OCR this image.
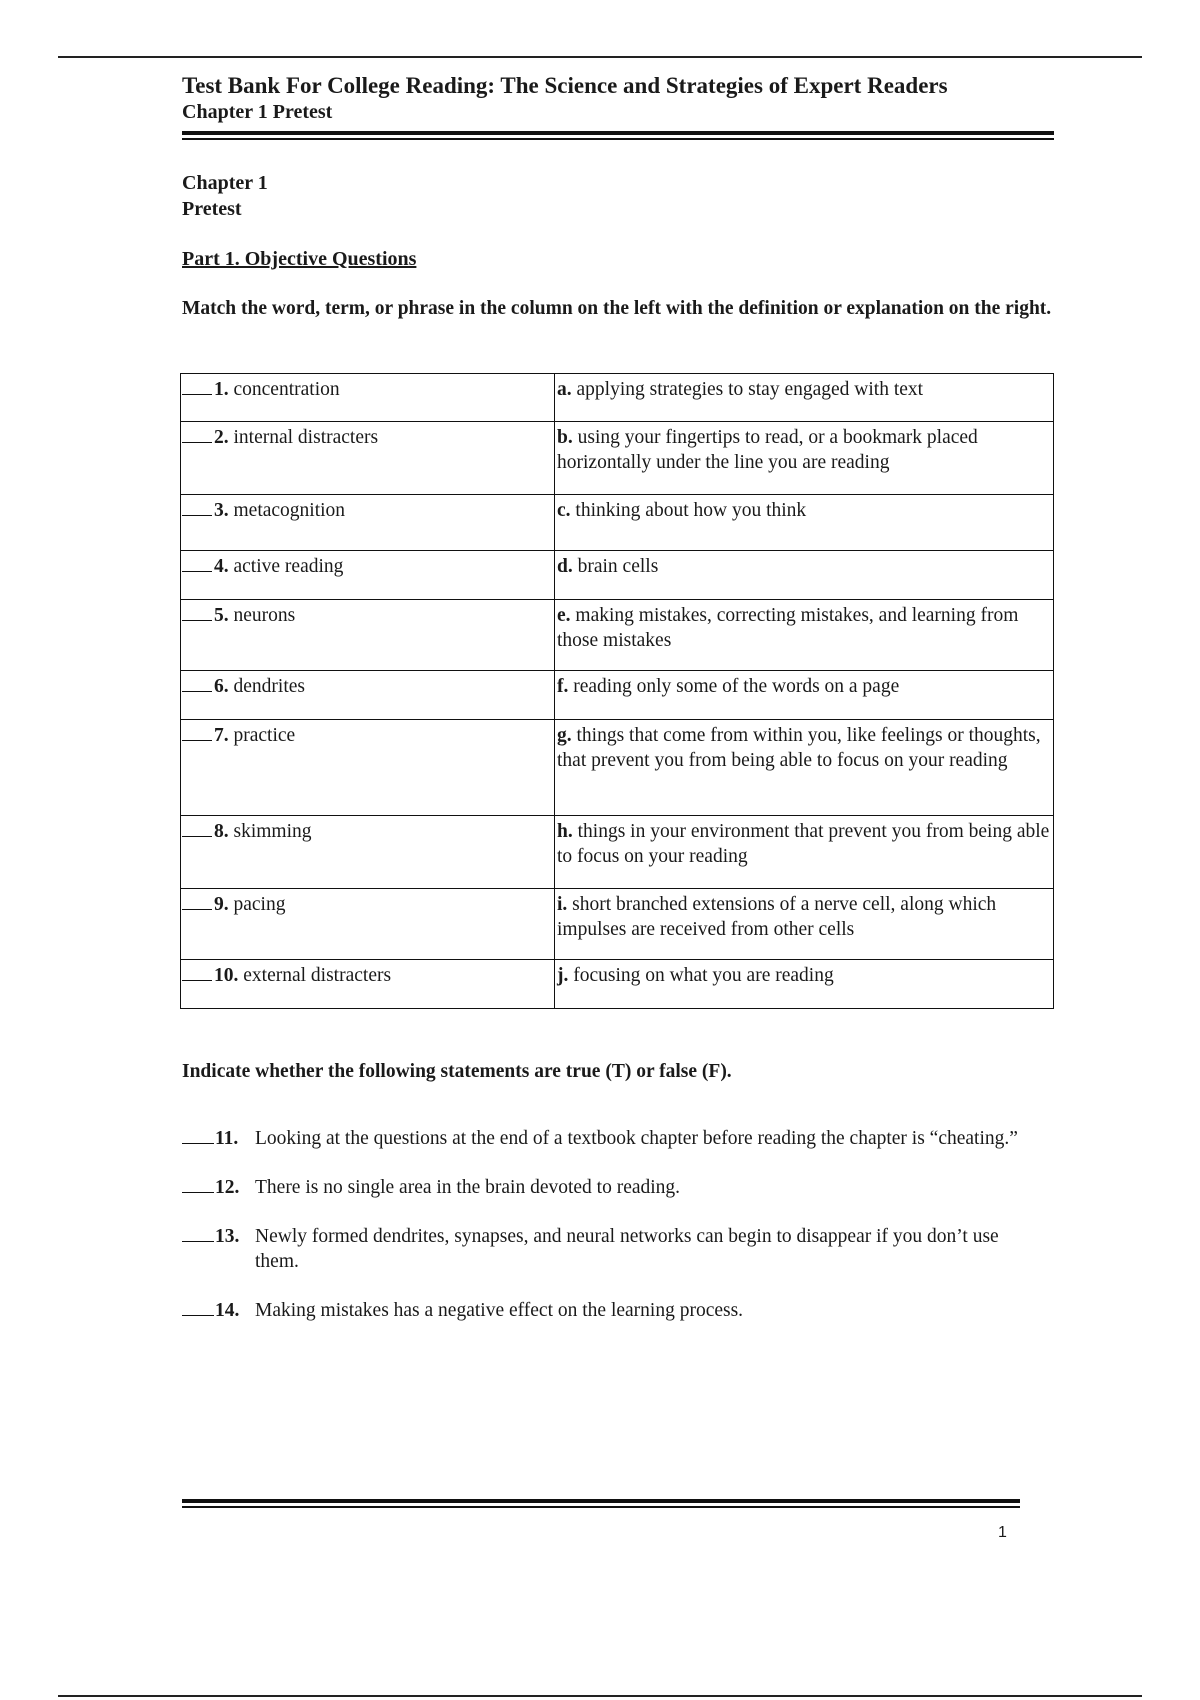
Test Bank For College Reading: The Science and Strategies of Expert Readers

Chapter 1 Pretest

Chapter 1
Pretest
Part 1. Objective Questions
Match the word, term, or phrase in the column on the left with the definition or explanation on the right.
1. concentration	a. applying strategies to stay engaged with text
2. internal distracters	b. using your fingertips to read, or a bookmark placed horizontally under the line you are reading
3. metacognition	c. thinking about how you think
4. active reading	d. brain cells
5. neurons	e. making mistakes, correcting mistakes, and learning from those mistakes
6. dendrites	f. reading only some of the words on a page
7. practice	g. things that come from within you, like feelings or thoughts, that prevent you from being able to focus on your reading
8. skimming	h. things in your environment that prevent you from being able to focus on your reading
9. pacing	i. short branched extensions of a nerve cell, along which impulses are received from other cells
10. external distracters	j. focusing on what you are reading
Indicate whether the following statements are true (T) or false (F).
11. Looking at the questions at the end of a textbook chapter before reading the chapter is “cheating.”
12. There is no single area in the brain devoted to reading.
13. Newly formed dendrites, synapses, and neural networks can begin to disappear if you don’t use them.
14. Making mistakes has a negative effect on the learning process.
1
